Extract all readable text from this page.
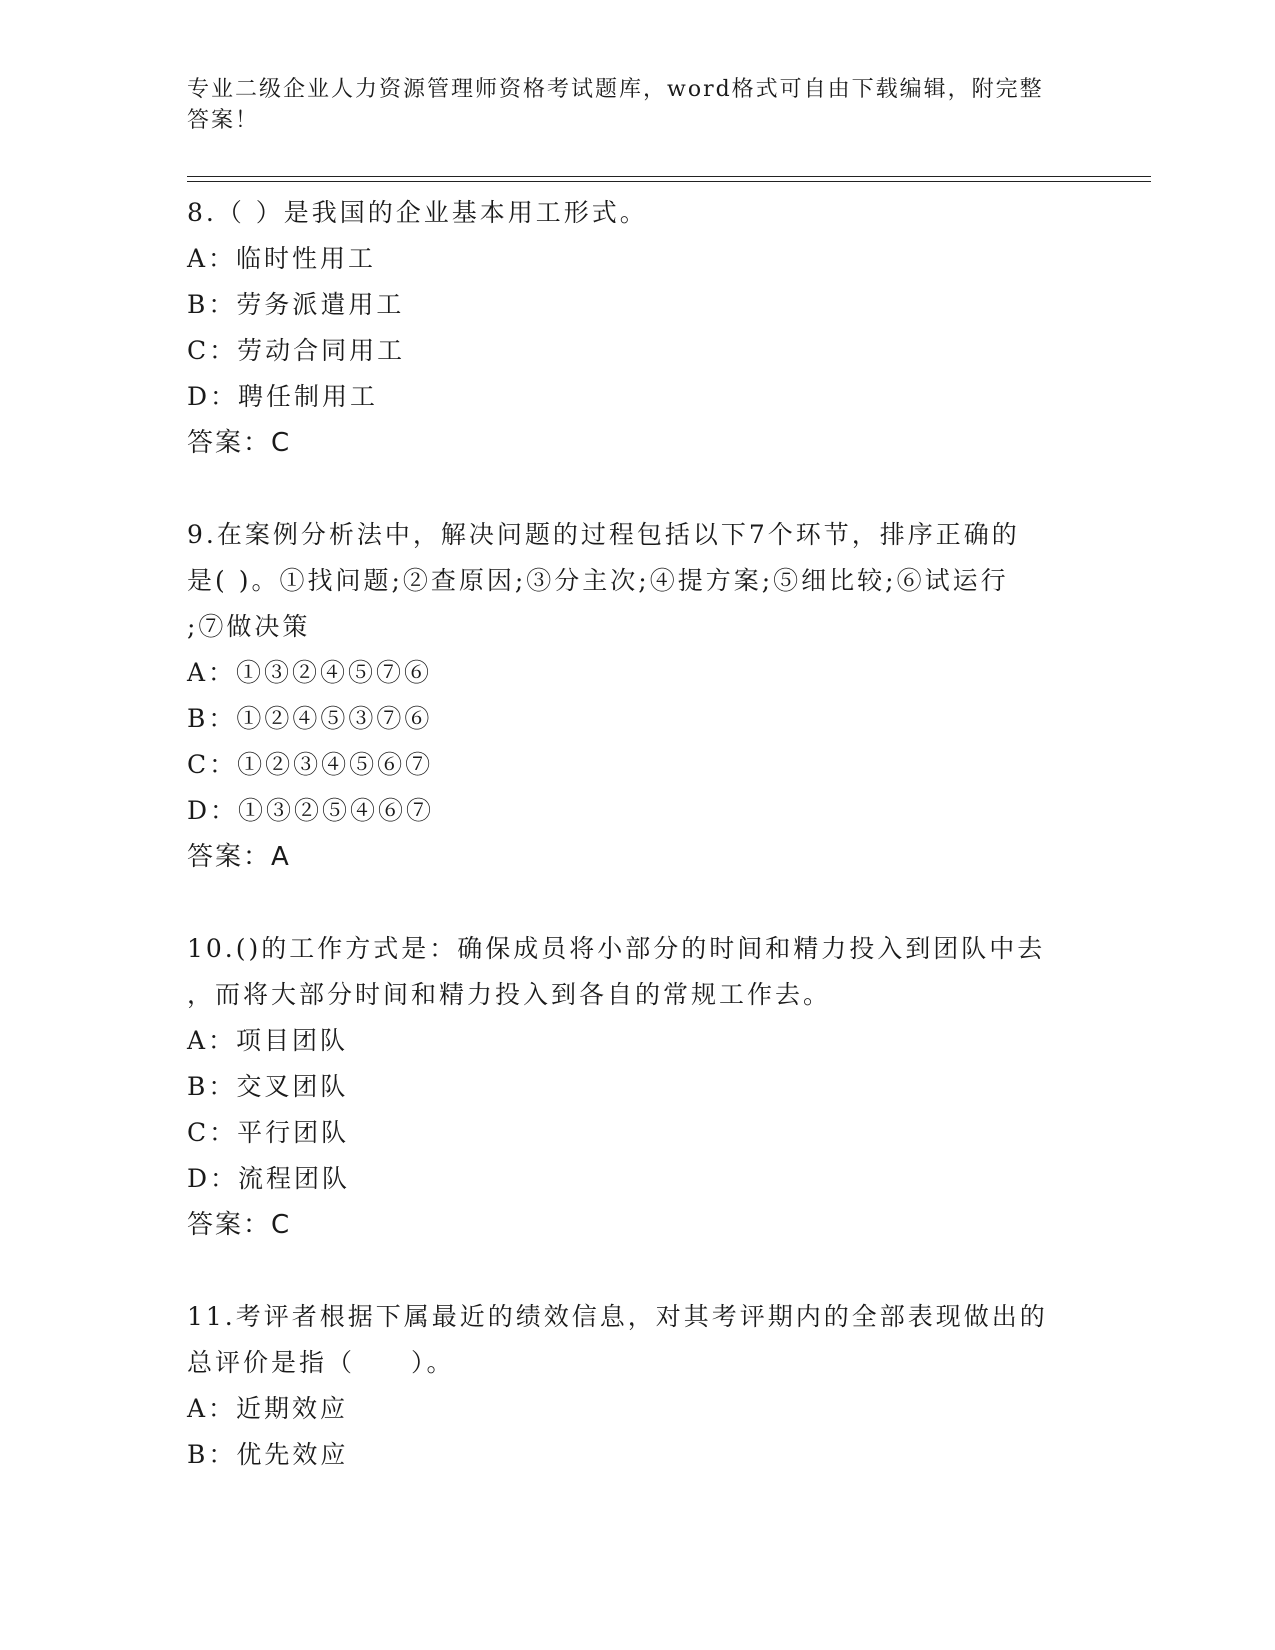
专业二级企业人力资源管理师资格考试题库，word格式可自由下载编辑，附完整
答案！
8.（ ）是我国的企业基本用工形式。
A：临时性用工
B：劳务派遣用工
C：劳动合同用工
D：聘任制用工
答案：C
9.在案例分析法中，解决问题的过程包括以下7个环节，排序正确的
是( )。①找问题;②查原因;③分主次;④提方案;⑤细比较;⑥试运行
;⑦做决策
A：①③②④⑤⑦⑥
B：①②④⑤③⑦⑥
C：①②③④⑤⑥⑦
D：①③②⑤④⑥⑦
答案：A
10.()的工作方式是：确保成员将小部分的时间和精力投入到团队中去
，而将大部分时间和精力投入到各自的常规工作去。
A：项目团队
B：交叉团队
C：平行团队
D：流程团队
答案：C
11.考评者根据下属最近的绩效信息，对其考评期内的全部表现做出的
总评价是指（　　）。
A：近期效应
B：优先效应
